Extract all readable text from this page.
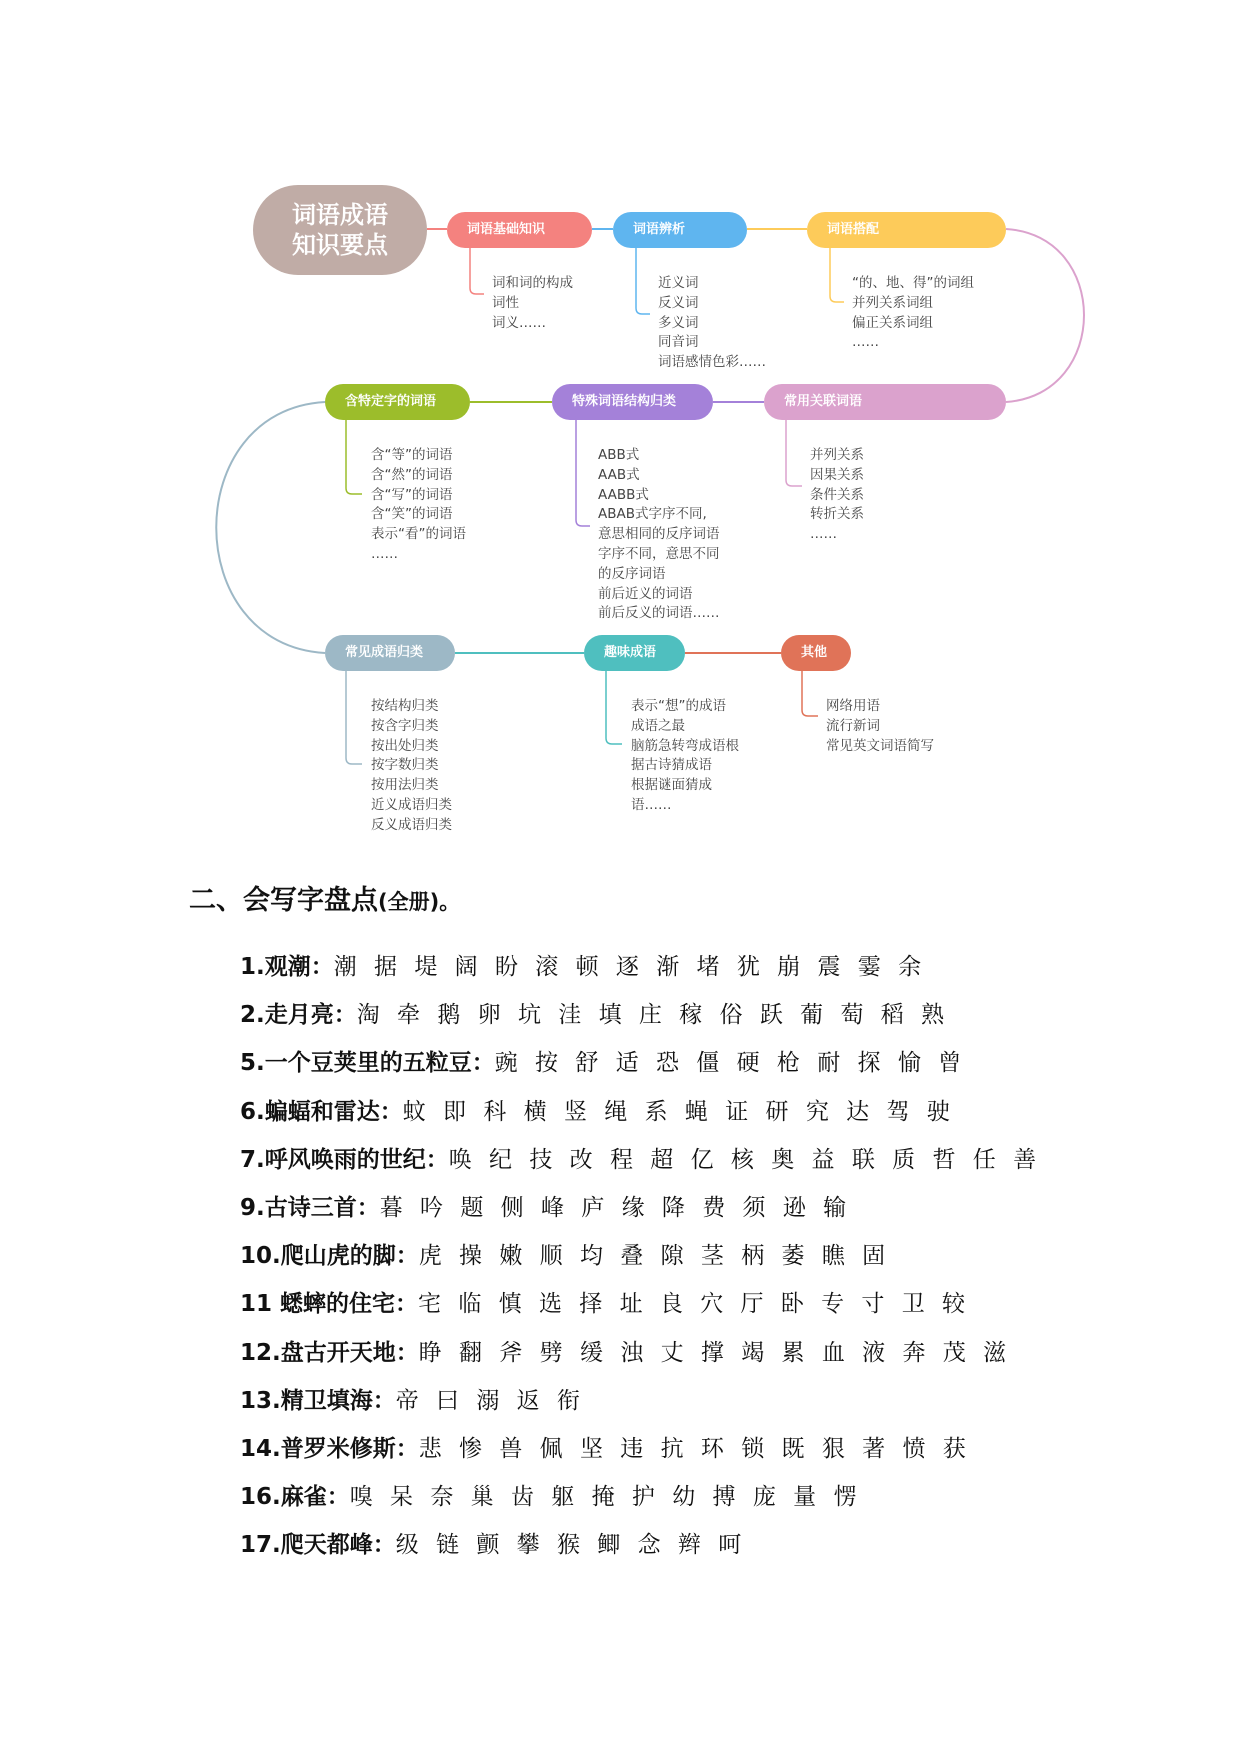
词语成语
知识要点
词语基础知识
词和词的构成
词性
词义……
词语辨析
近义词
反义词
多义词
同音词
词语感情色彩……
词语搭配
“的、地、得”的词组
并列关系词组
偏正关系词组
……
含特定字的词语
含“等”的词语
含“然”的词语
含“写”的词语
含“笑”的词语
表示“看”的词语
……
特殊词语结构归类
ABB式
AAB式
AABB式
ABAB式字序不同,
意思相同的反序词语
字序不同，意思不同
的反序词语
前后近义的词语
前后反义的词语……
常用关联词语
并列关系
因果关系
条件关系
转折关系
……
常见成语归类
按结构归类
按含字归类
按出处归类
按字数归类
按用法归类
近义成语归类
反义成语归类
趣味成语
表示“想”的成语
成语之最
脑筋急转弯成语根
据古诗猜成语
根据谜面猜成
语……
其他
网络用语
流行新词
常见英文词语简写
二、会写字盘点(全册)。
1.观潮：潮 据 堤 阔 盼 滚 顿 逐 渐 堵 犹 崩 震 霎 余
2.走月亮：淘 牵 鹅 卵 坑 洼 填 庄 稼 俗 跃 葡 萄 稻 熟
5.一个豆荚里的五粒豆：豌 按 舒 适 恐 僵 硬 枪 耐 探 愉 曾
6.蝙蝠和雷达：蚊 即 科 横 竖 绳 系 蝇 证 研 究 达 驾 驶
7.呼风唤雨的世纪：唤 纪 技 改 程 超 亿 核 奥 益 联 质 哲 任 善
9.古诗三首：暮 吟 题 侧 峰 庐 缘 降 费 须 逊 输
10.爬山虎的脚：虎 操 嫩 顺 均 叠 隙 茎 柄 萎 瞧 固
11 蟋蟀的住宅：宅 临 慎 选 择 址 良 穴 厅 卧 专 寸 卫 较
12.盘古开天地：睁 翻 斧 劈 缓 浊 丈 撑 竭 累 血 液 奔 茂 滋
13.精卫填海：帝 曰 溺 返 衔
14.普罗米修斯：悲 惨 兽 佩 坚 违 抗 环 锁 既 狠 著 愤 获
16.麻雀：嗅 呆 奈 巢 齿 躯 掩 护 幼 搏 庞 量 愣
17.爬天都峰：级 链 颤 攀 猴 鲫 念 辫 呵
